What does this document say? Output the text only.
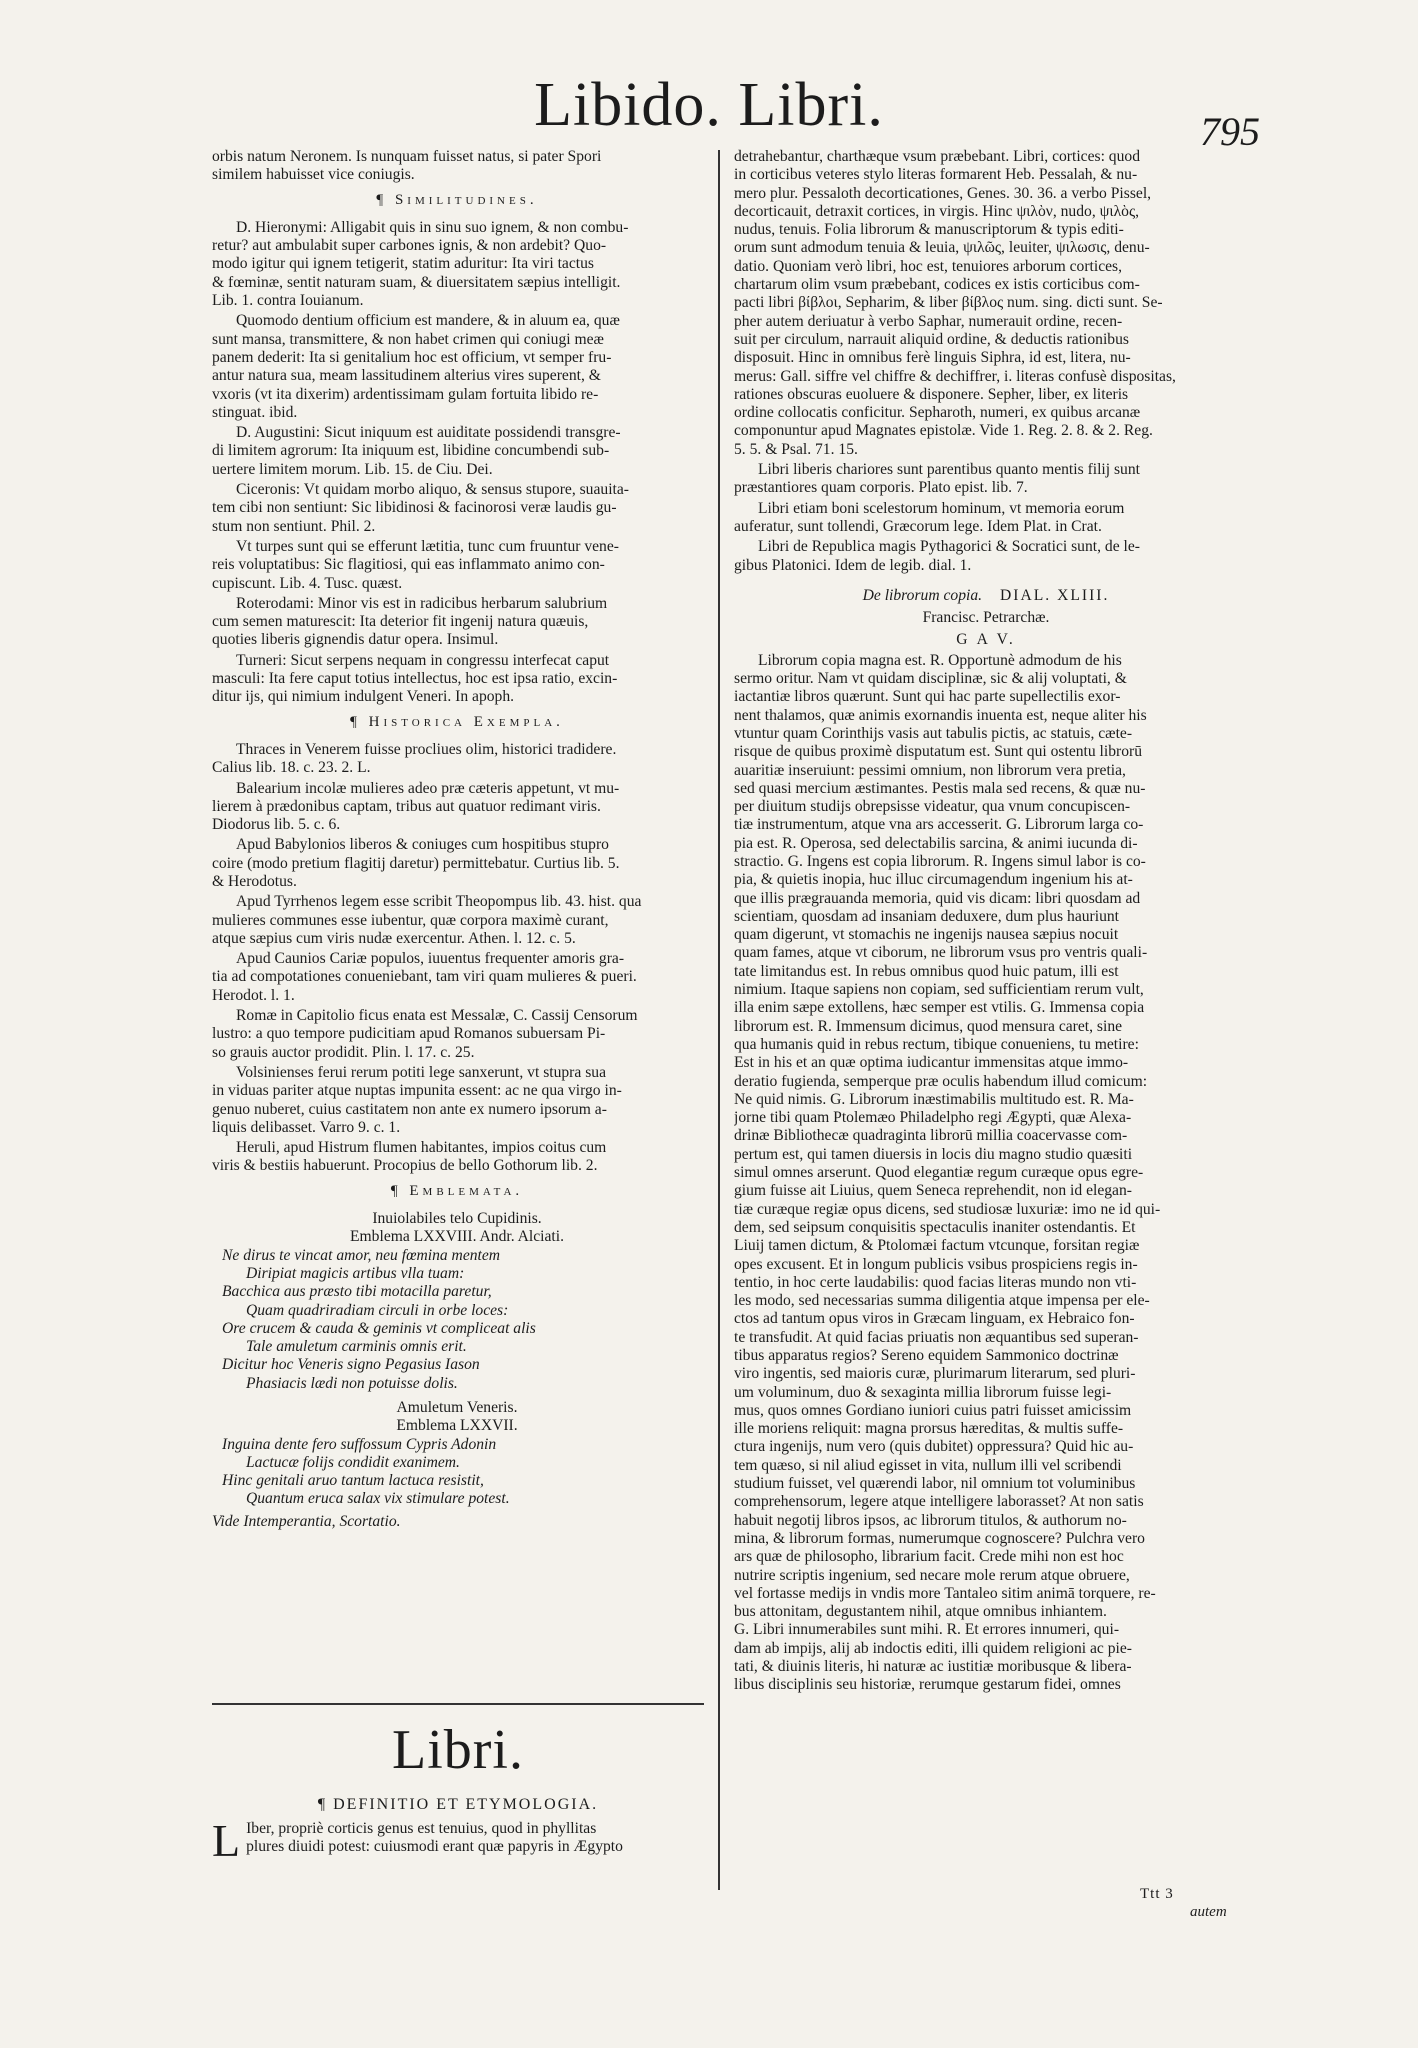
Libido. Libri.	795

orbis natum Neronem. Is nunquam fuisset natus, si pater Spori
similem habuisset vice coniugis.

¶ Similitudines.

D. Hieronymi: Alligabit quis in sinu suo ignem, & non combu-
retur? aut ambulabit super carbones ignis, & non ardebit? Quo-
modo igitur qui ignem tetigerit, statim aduritur: Ita viri tactus
& fœminæ, sentit naturam suam, & diuersitatem sæpius intelligit.
Lib. 1. contra Iouianum.

Quomodo dentium officium est mandere, & in aluum ea, quæ
sunt mansa, transmittere, & non habet crimen qui coniugi meæ
panem dederit: Ita si genitalium hoc est officium, vt semper fru-
antur natura sua, meam lassitudinem alterius vires superent, &
vxoris (vt ita dixerim) ardentissimam gulam fortuita libido re-
stinguat. ibid.

D. Augustini: Sicut iniquum est auiditate possidendi transgre-
di limitem agrorum: Ita iniquum est, libidine concumbendi sub-
uertere limitem morum. Lib. 15. de Ciu. Dei.

Ciceronis: Vt quidam morbo aliquo, & sensus stupore, suauita-
tem cibi non sentiunt: Sic libidinosi & facinorosi veræ laudis gu-
stum non sentiunt. Phil. 2.

Vt turpes sunt qui se efferunt lætitia, tunc cum fruuntur vene-
reis voluptatibus: Sic flagitiosi, qui eas inflammato animo con-
cupiscunt. Lib. 4. Tusc. quæst.

Roterodami: Minor vis est in radicibus herbarum salubrium
cum semen maturescit: Ita deterior fit ingenij natura quæuis,
quoties liberis gignendis datur opera. Insimul.

Turneri: Sicut serpens nequam in congressu interfecat caput
masculi: Ita fere caput totius intellectus, hoc est ipsa ratio, excin-
ditur ijs, qui nimium indulgent Veneri. In apoph.

¶ Historica Exempla.

Thraces in Venerem fuisse procliues olim, historici tradidere.
Calius lib. 18. c. 23. 2. L.

Balearium incolæ mulieres adeo præ cæteris appetunt, vt mu-
lierem à prædonibus captam, tribus aut quatuor redimant viris.
Diodorus lib. 5. c. 6.

Apud Babylonios liberos & coniuges cum hospitibus stupro
coire (modo pretium flagitij daretur) permittebatur. Curtius lib. 5.
& Herodotus.

Apud Tyrrhenos legem esse scribit Theopompus lib. 43. hist. qua
mulieres communes esse iubentur, quæ corpora maximè curant,
atque sæpius cum viris nudæ exercentur. Athen. l. 12. c. 5.

Apud Caunios Cariæ populos, iuuentus frequenter amoris gra-
tia ad compotationes conueniebant, tam viri quam mulieres & pueri.
Herodot. l. 1.

Romæ in Capitolio ficus enata est Messalæ, C. Cassij Censorum
lustro: a quo tempore pudicitiam apud Romanos subuersam Pi-
so grauis auctor prodidit. Plin. l. 17. c. 25.

Volsinienses ferui rerum potiti lege sanxerunt, vt stupra sua
in viduas pariter atque nuptas impunita essent: ac ne qua virgo in-
genuo nuberet, cuius castitatem non ante ex numero ipsorum a-
liquis delibasset. Varro 9. c. 1.

Heruli, apud Histrum flumen habitantes, impios coitus cum
viris & bestiis habuerunt. Procopius de bello Gothorum lib. 2.

¶ Emblemata.
Inuiolabiles telo Cupidinis.
Emblema LXXVIII. Andr. Alciati.
Ne dirus te vincat amor, neu fœmina mentem
Diripiat magicis artibus vlla tuam:
Bacchica aus præsto tibi motacilla paretur,
Quam quadriradiam circuli in orbe loces:
Ore crucem & cauda & geminis vt compliceat alis
Tale amuletum carminis omnis erit.
Dicitur hoc Veneris signo Pegasius Iason
Phasiacis lædi non potuisse dolis.
Amuletum Veneris.
Emblema LXXVII.
Inguina dente fero suffossum Cypris Adonin
Lactucæ folijs condidit exanimem.
Hinc genitali aruo tantum lactuca resistit,
Quantum eruca salax vix stimulare potest.
Vide Intemperantia, Scortatio.
Libri.
¶ DEFINITIO ET ETYMOLOGIA.
L Iber, propriè corticis genus est tenuius, quod in phyllitas
plures diuidi potest: cuiusmodi erant quæ papyris in Ægypto

detrahebantur, charthæque vsum præbebant. Libri, cortices: quod
in corticibus veteres stylo literas formarent Heb. Pessalah, & nu-
mero plur. Pessaloth decorticationes, Genes. 30. 36. a verbo Pissel,
decorticauit, detraxit cortices, in virgis. Hinc ψιλὸν, nudo, ψιλὸς,
nudus, tenuis. Folia librorum & manuscriptorum & typis editi-
orum sunt admodum tenuia & leuia, ψιλῶς, leuiter, ψιλωσις, denu-
datio. Quoniam verò libri, hoc est, tenuiores arborum cortices,
chartarum olim vsum præbebant, codices ex istis corticibus com-
pacti libri βίβλοι, Sepharim, & liber βίβλος num. sing. dicti sunt. Se-
pher autem deriuatur à verbo Saphar, numerauit ordine, recen-
suit per circulum, narrauit aliquid ordine, & deductis rationibus
disposuit. Hinc in omnibus ferè linguis Siphra, id est, litera, nu-
merus: Gall. siffre vel chiffre & dechiffrer, i. literas confusè dispositas,
rationes obscuras euoluere & disponere. Sepher, liber, ex literis
ordine collocatis conficitur. Sepharoth, numeri, ex quibus arcanæ
componuntur apud Magnates epistolæ. Vide 1. Reg. 2. 8. & 2. Reg.
5. 5. & Psal. 71. 15.

Libri liberis chariores sunt parentibus quanto mentis filij sunt
præstantiores quam corporis. Plato epist. lib. 7.

Libri etiam boni scelestorum hominum, vt memoria eorum
auferatur, sunt tollendi, Græcorum lege. Idem Plat. in Crat.

Libri de Republica magis Pythagorici & Socratici sunt, de le-
gibus Platonici. Idem de legib. dial. 1.

De librorum copia. DIAL. XLIII.
Francisc. Petrarchæ.
G A V.

Librorum copia magna est. R. Opportunè admodum de his
sermo oritur. Nam vt quidam disciplinæ, sic & alij voluptati, &
iactantiæ libros quærunt. Sunt qui hac parte supellectilis exor-
nent thalamos, quæ animis exornandis inuenta est, neque aliter his
vtuntur quam Corinthijs vasis aut tabulis pictis, ac statuis, cæte-
risque de quibus proximè disputatum est. Sunt qui ostentu librorū
auaritiæ inseruiunt: pessimi omnium, non librorum vera pretia,
sed quasi mercium æstimantes. Pestis mala sed recens, & quæ nu-
per diuitum studijs obrepsisse videatur, qua vnum concupiscen-
tiæ instrumentum, atque vna ars accesserit. G. Librorum larga co-
pia est. R. Operosa, sed delectabilis sarcina, & animi iucunda di-
stractio. G. Ingens est copia librorum. R. Ingens simul labor is co-
pia, & quietis inopia, huc illuc circumagendum ingenium his at-
que illis prægrauanda memoria, quid vis dicam: libri quosdam ad
scientiam, quosdam ad insaniam deduxere, dum plus hauriunt
quam digerunt, vt stomachis ne ingenijs nausea sæpius nocuit
quam fames, atque vt ciborum, ne librorum vsus pro ventris quali-
tate limitandus est. In rebus omnibus quod huic patum, illi est
nimium. Itaque sapiens non copiam, sed sufficientiam rerum vult,
illa enim sæpe extollens, hæc semper est vtilis. G. Immensa copia
librorum est. R. Immensum dicimus, quod mensura caret, sine
qua humanis quid in rebus rectum, tibique conueniens, tu metire:
Est in his et an quæ optima iudicantur immensitas atque immo-
deratio fugienda, semperque præ oculis habendum illud comicum:
Ne quid nimis. G. Librorum inæstimabilis multitudo est. R. Ma-
jorne tibi quam Ptolemæo Philadelpho regi Ægypti, quæ Alexa-
drinæ Bibliothecæ quadraginta librorū millia coacervasse com-
pertum est, qui tamen diuersis in locis diu magno studio quæsiti
simul omnes arserunt. Quod elegantiæ regum curæque opus egre-
gium fuisse ait Liuius, quem Seneca reprehendit, non id elegan-
tiæ curæque regiæ opus dicens, sed studiosæ luxuriæ: imo ne id qui-
dem, sed seipsum conquisitis spectaculis inaniter ostendantis. Et
Liuij tamen dictum, & Ptolomæi factum vtcunque, forsitan regiæ
opes excusent. Et in longum publicis vsibus prospiciens regis in-
tentio, in hoc certe laudabilis: quod facias literas mundo non vti-
les modo, sed necessarias summa diligentia atque impensa per ele-
ctos ad tantum opus viros in Græcam linguam, ex Hebraico fon-
te transfudit. At quid facias priuatis non æquantibus sed superan-
tibus apparatus regios? Sereno equidem Sammonico doctrinæ
viro ingentis, sed maioris curæ, plurimarum literarum, sed pluri-
um voluminum, duo & sexaginta millia librorum fuisse legi-
mus, quos omnes Gordiano iuniori cuius patri fuisset amicissim
ille moriens reliquit: magna prorsus hæreditas, & multis suffe-
ctura ingenijs, num vero (quis dubitet) oppressura? Quid hic au-
tem quæso, si nil aliud egisset in vita, nullum illi vel scribendi
studium fuisset, vel quærendi labor, nil omnium tot voluminibus
comprehensorum, legere atque intelligere laborasset? At non satis
habuit negotij libros ipsos, ac librorum titulos, & authorum no-
mina, & librorum formas, numerumque cognoscere? Pulchra vero
ars quæ de philosopho, librarium facit. Crede mihi non est hoc
nutrire scriptis ingenium, sed necare mole rerum atque obruere,
vel fortasse medijs in vndis more Tantaleo sitim animā torquere, re-
bus attonitam, degustantem nihil, atque omnibus inhiantem.
G. Libri innumerabiles sunt mihi. R. Et errores innumeri, qui-
dam ab impijs, alij ab indoctis editi, illi quidem religioni ac pie-
tati, & diuinis literis, hi naturæ ac iustitiæ moribusque & libera-
libus disciplinis seu historiæ, rerumque gestarum fidei, omnes

Ttt 3
autem
